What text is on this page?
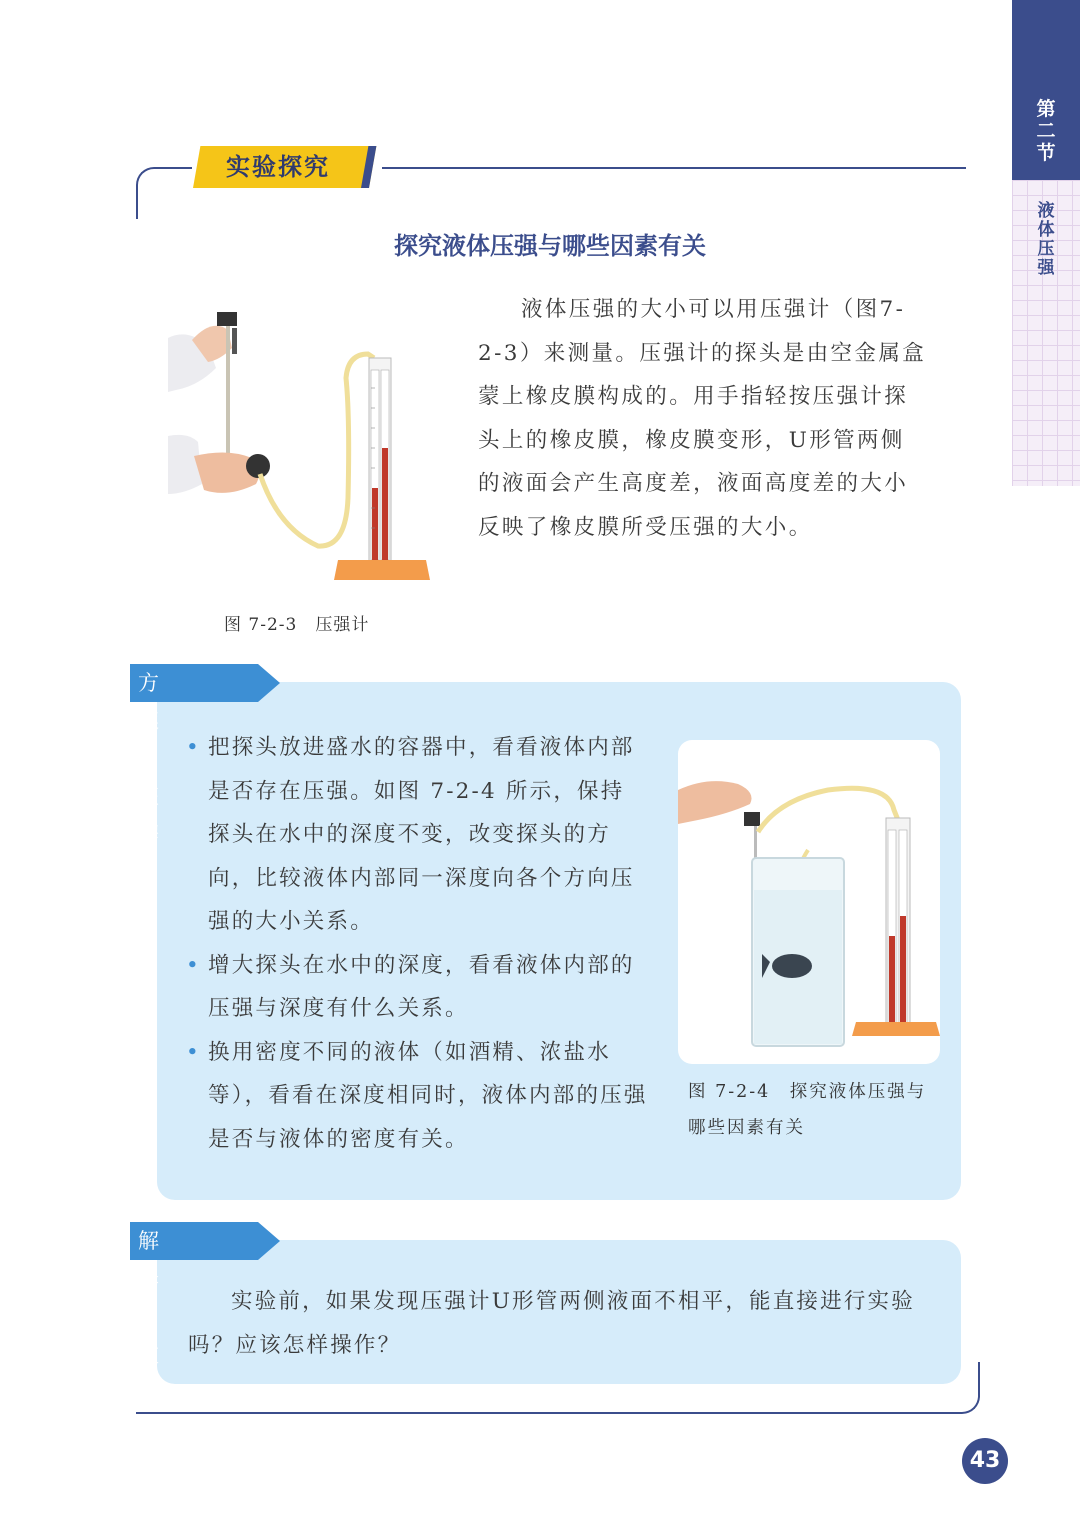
第
二
节
液
体
压
强
实验探究
探究液体压强与哪些因素有关

液体压强的大小可以用压强计（图7-2-3）来测量。压强计的探头是由空金属盒蒙上橡皮膜构成的。用手指轻按压强计探头上的橡皮膜，橡皮膜变形，U形管两侧的液面会产生高度差，液面高度差的大小反映了橡皮膜所受压强的大小。

图 7-2-3　压强计
方案 · 证据

• 把探头放进盛水的容器中，看看液体内部是否存在压强。如图 7-2-4 所示，保持探头在水中的深度不变，改变探头的方向，比较液体内部同一深度向各个方向压强的大小关系。

• 增大探头在水中的深度，看看液体内部的压强与深度有什么关系。

• 换用密度不同的液体（如酒精、浓盐水等），看看在深度相同时，液体内部的压强是否与液体的密度有关。

图 7-2-4　探究液体压强与哪些因素有关
解释 · 交流

实验前，如果发现压强计U形管两侧液面不相平，能直接进行实验吗？应该怎样操作？

43
